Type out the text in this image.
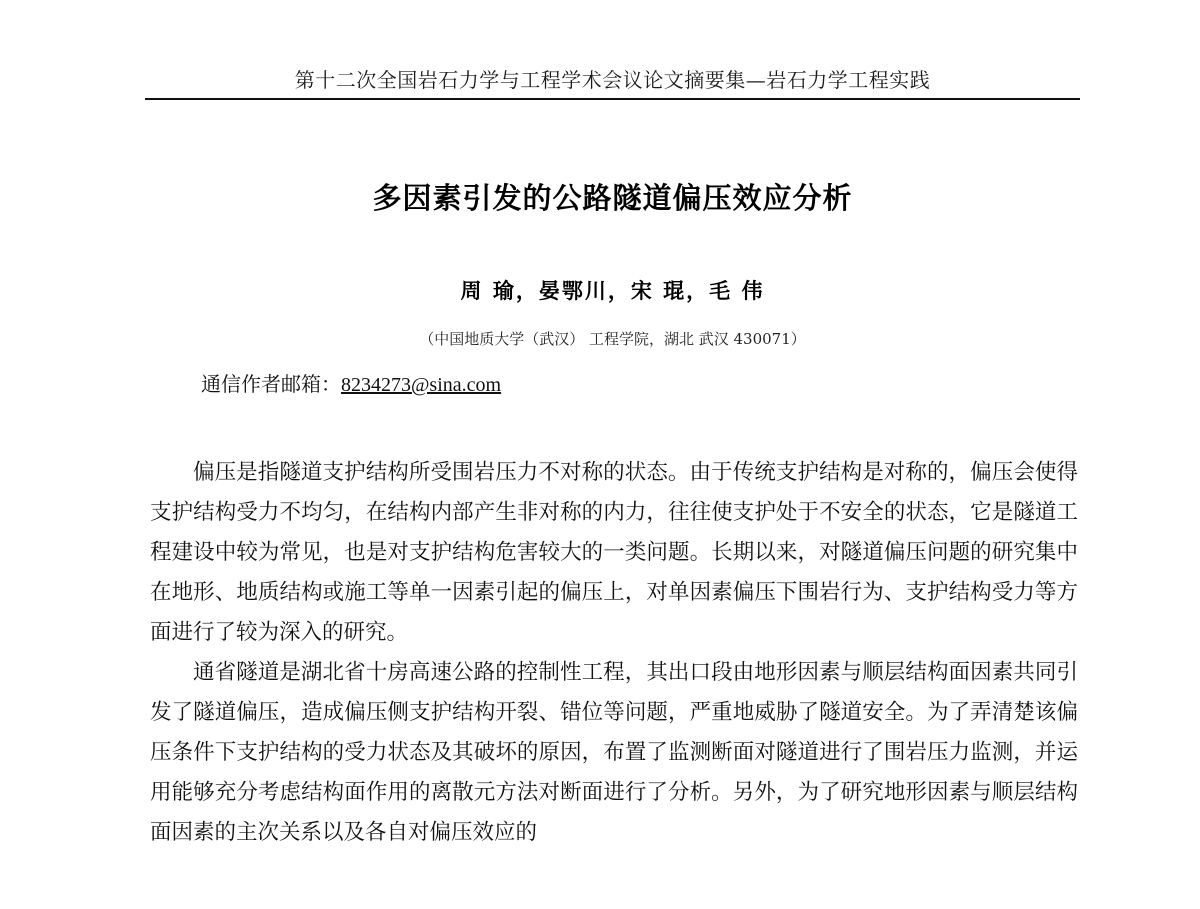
第十二次全国岩石力学与工程学术会议论文摘要集—岩石力学工程实践
多因素引发的公路隧道偏压效应分析
周 瑜，晏鄂川，宋 琨，毛 伟
（中国地质大学（武汉） 工程学院，湖北 武汉 430071）
通信作者邮箱：8234273@sina.com

偏压是指隧道支护结构所受围岩压力不对称的状态。由于传统支护结构是对称的，偏压会使得支护结构受力不均匀，在结构内部产生非对称的内力，往往使支护处于不安全的状态，它是隧道工程建设中较为常见，也是对支护结构危害较大的一类问题。长期以来，对隧道偏压问题的研究集中在地形、地质结构或施工等单一因素引起的偏压上，对单因素偏压下围岩行为、支护结构受力等方面进行了较为深入的研究。

通省隧道是湖北省十房高速公路的控制性工程，其出口段由地形因素与顺层结构面因素共同引发了隧道偏压，造成偏压侧支护结构开裂、错位等问题，严重地威胁了隧道安全。为了弄清楚该偏压条件下支护结构的受力状态及其破坏的原因，布置了监测断面对隧道进行了围岩压力监测，并运用能够充分考虑结构面作用的离散元方法对断面进行了分析。另外，为了研究地形因素与顺层结构面因素的主次关系以及各自对偏压效应的
